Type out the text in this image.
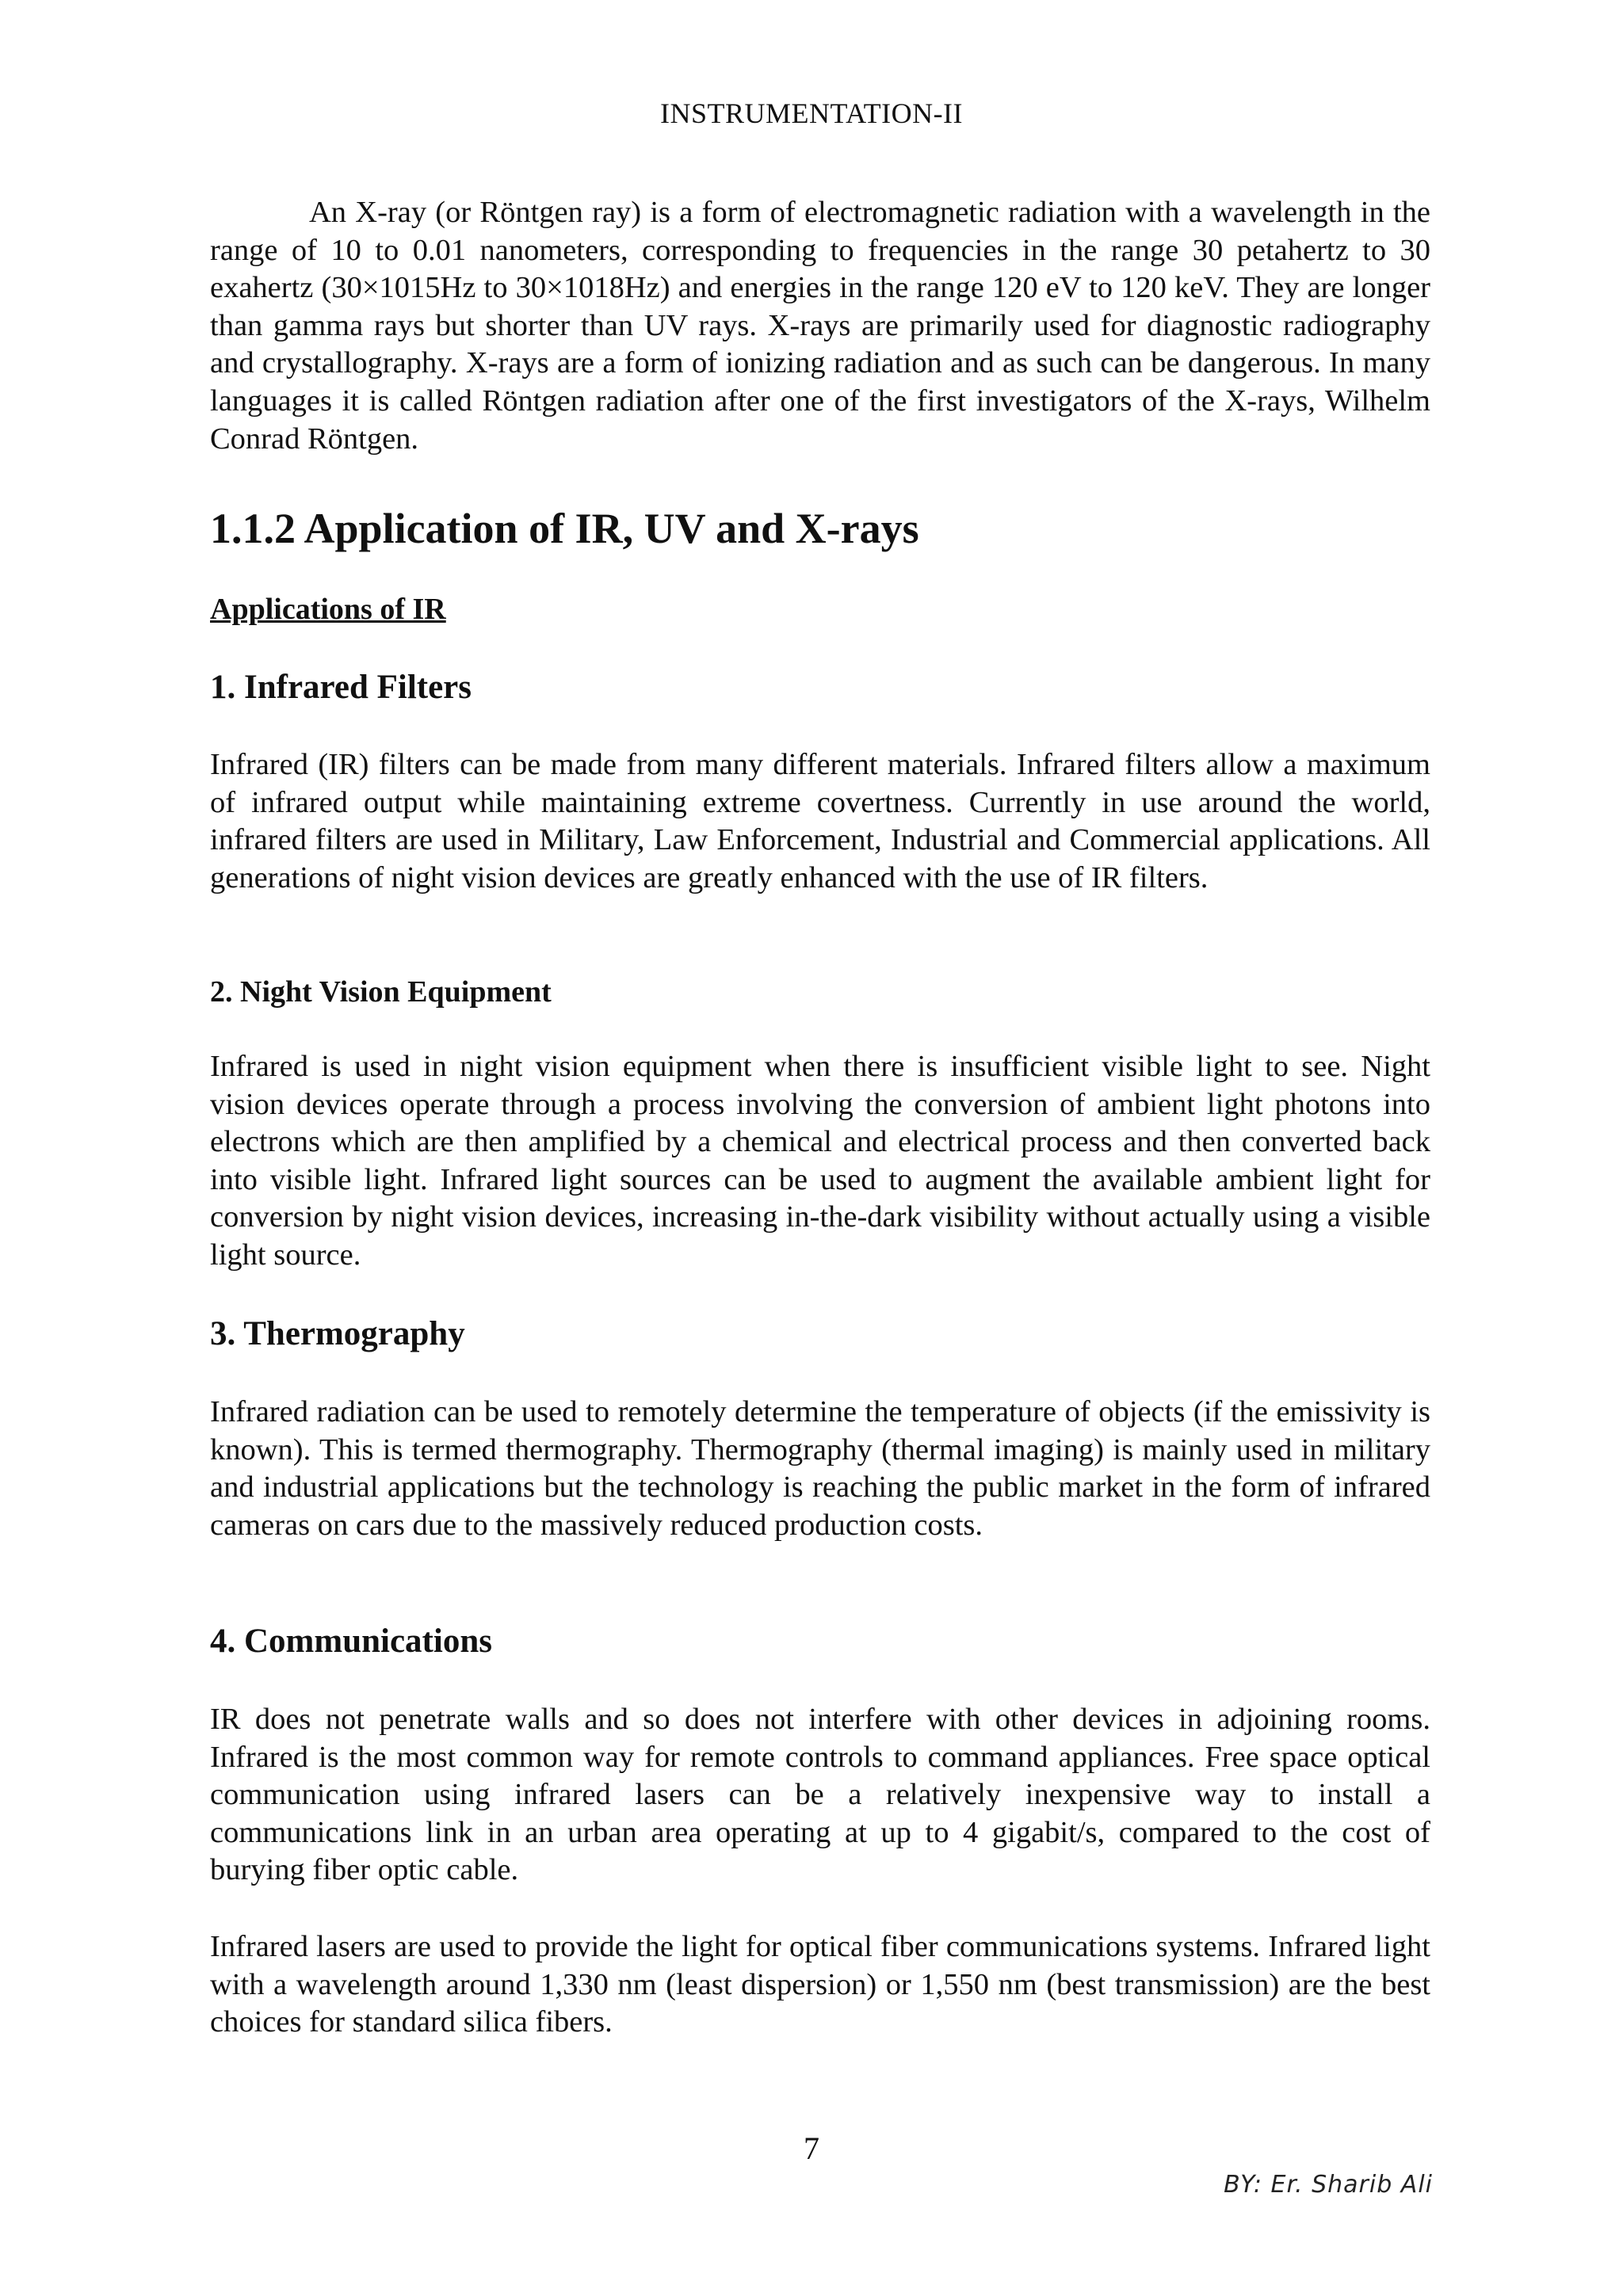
INSTRUMENTATION-II

An X-ray (or Röntgen ray) is a form of electromagnetic radiation with a wavelength in the range of 10 to 0.01 nanometers, corresponding to frequencies in the range 30 petahertz to 30 exahertz (30×1015Hz to 30×1018Hz) and energies in the range 120 eV to 120 keV. They are longer than gamma rays but shorter than UV rays. X-rays are primarily used for diagnostic radiography and crystallography. X-rays are a form of ionizing radiation and as such can be dangerous. In many languages it is called Röntgen radiation after one of the first investigators of the X-rays, Wilhelm Conrad Röntgen.

1.1.2 Application of IR, UV and X-rays
Applications of IR
1. Infrared Filters

Infrared (IR) filters can be made from many different materials. Infrared filters allow a maximum of infrared output while maintaining extreme covertness. Currently in use around the world, infrared filters are used in Military, Law Enforcement, Industrial and Commercial applications. All generations of night vision devices are greatly enhanced with the use of IR filters.

2. Night Vision Equipment

Infrared is used in night vision equipment when there is insufficient visible light to see. Night vision devices operate through a process involving the conversion of ambient light photons into electrons which are then amplified by a chemical and electrical process and then converted back into visible light. Infrared light sources can be used to augment the available ambient light for conversion by night vision devices, increasing in-the-dark visibility without actually using a visible light source.

3. Thermography

Infrared radiation can be used to remotely determine the temperature of objects (if the emissivity is known). This is termed thermography. Thermography (thermal imaging) is mainly used in military and industrial applications but the technology is reaching the public market in the form of infrared cameras on cars due to the massively reduced production costs.

4. Communications

IR does not penetrate walls and so does not interfere with other devices in adjoining rooms. Infrared is the most common way for remote controls to command appliances. Free space optical communication using infrared lasers can be a relatively inexpensive way to install a communications link in an urban area operating at up to 4 gigabit/s, compared to the cost of burying fiber optic cable.

Infrared lasers are used to provide the light for optical fiber communications systems. Infrared light with a wavelength around 1,330 nm (least dispersion) or 1,550 nm (best transmission) are the best choices for standard silica fibers.

7
BY: Er. Sharib Ali
